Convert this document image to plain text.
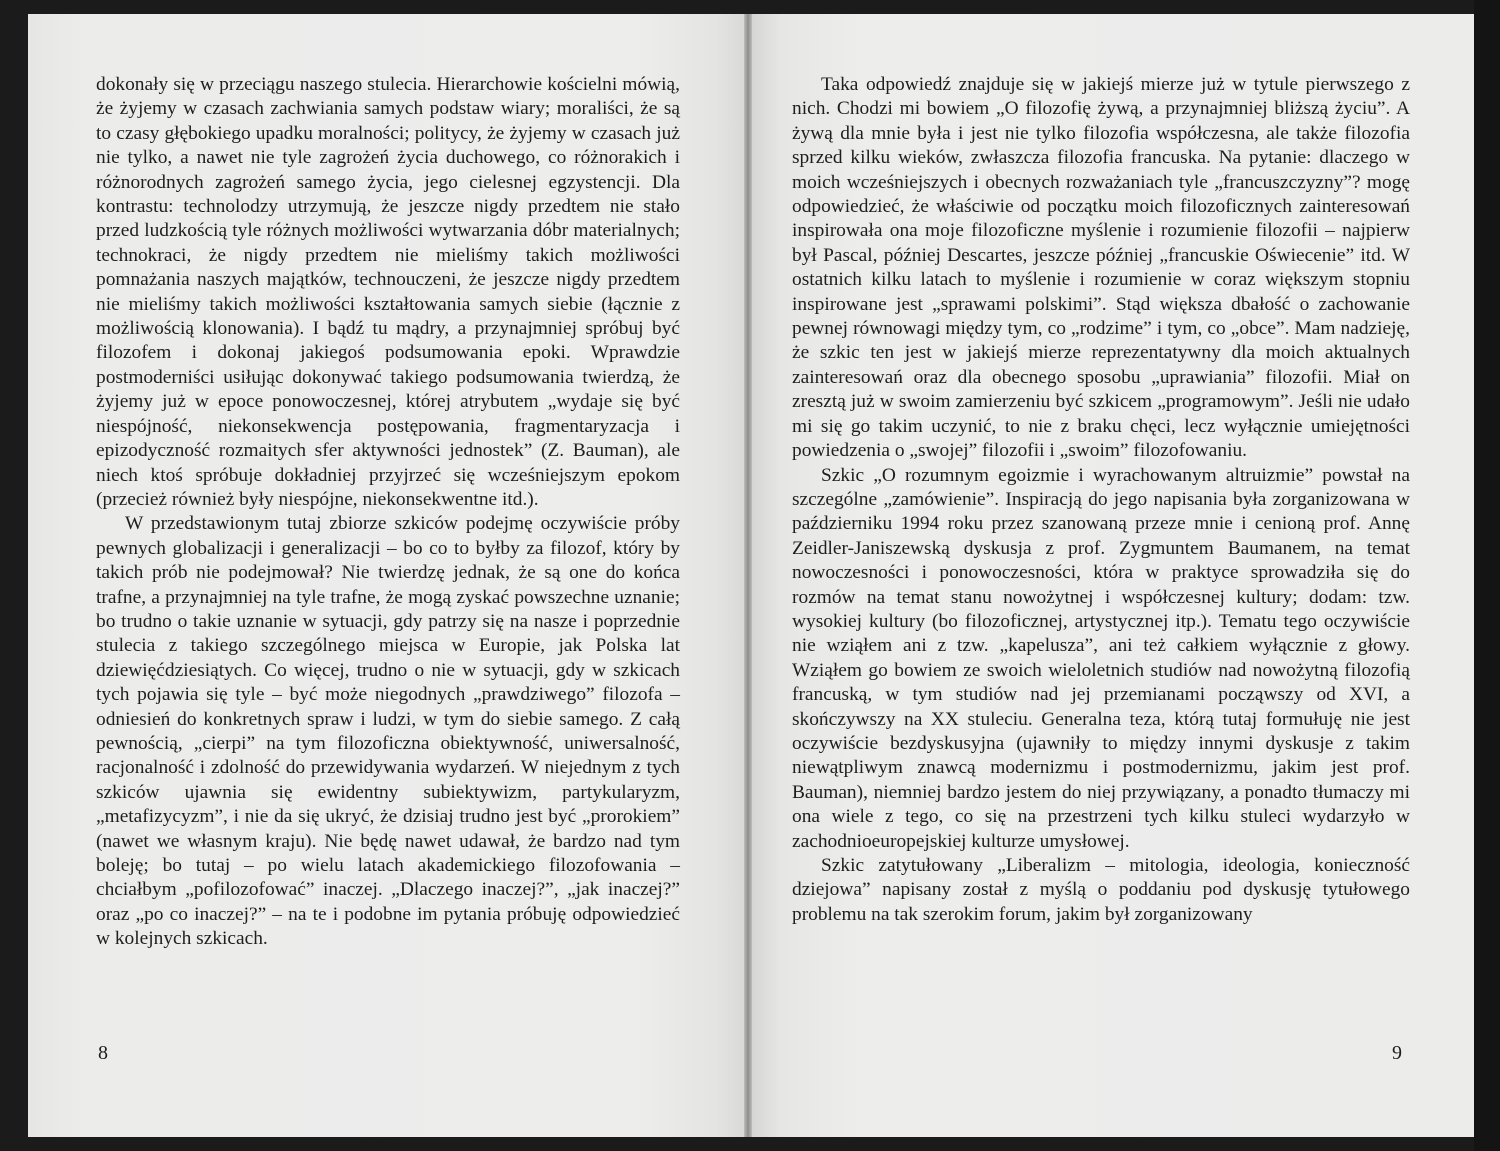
dokonały się w przeciągu naszego stulecia. Hierarchowie kościelni mówią, że żyjemy w czasach zachwiania samych podstaw wiary; moraliści, że są to czasy głębokiego upadku moralności; politycy, że żyjemy w czasach już nie tylko, a nawet nie tyle zagrożeń życia duchowego, co różnorakich i różnorodnych zagrożeń samego życia, jego cielesnej egzystencji. Dla kontrastu: technolodzy utrzymują, że jeszcze nigdy przedtem nie stało przed ludzkością tyle różnych możliwości wytwarzania dóbr materialnych; technokraci, że nigdy przedtem nie mieliśmy takich możliwości pomnażania naszych majątków, technouczeni, że jeszcze nigdy przedtem nie mieliśmy takich możliwości kształtowania samych siebie (łącznie z możliwością klonowania). I bądź tu mądry, a przynajmniej spróbuj być filozofem i dokonaj jakiegoś podsumowania epoki. Wprawdzie postmoderniści usiłując dokonywać takiego podsumowania twierdzą, że żyjemy już w epoce ponowoczesnej, której atrybutem „wydaje się być niespójność, niekonsekwencja postępowania, fragmentaryzacja i epizodyczność rozmaitych sfer aktywności jednostek” (Z. Bauman), ale niech ktoś spróbuje dokładniej przyjrzeć się wcześniejszym epokom (przecież również były niespójne, niekonsekwentne itd.).

W przedstawionym tutaj zbiorze szkiców podejmę oczywiście próby pewnych globalizacji i generalizacji – bo co to byłby za filozof, który by takich prób nie podejmował? Nie twierdzę jednak, że są one do końca trafne, a przynajmniej na tyle trafne, że mogą zyskać powszechne uznanie; bo trudno o takie uznanie w sytuacji, gdy patrzy się na nasze i poprzednie stulecia z takiego szczególnego miejsca w Europie, jak Polska lat dziewięćdziesiątych. Co więcej, trudno o nie w sytuacji, gdy w szkicach tych pojawia się tyle – być może niegodnych „prawdziwego” filozofa – odniesień do konkretnych spraw i ludzi, w tym do siebie samego. Z całą pewnością, „cierpi” na tym filozoficzna obiektywność, uniwersalność, racjonalność i zdolność do przewidywania wydarzeń. W niejednym z tych szkiców ujawnia się ewidentny subiektywizm, partykularyzm, „metafizycyzm”, i nie da się ukryć, że dzisiaj trudno jest być „prorokiem” (nawet we własnym kraju). Nie będę nawet udawał, że bardzo nad tym boleję; bo tutaj – po wielu latach akademickiego filozofowania – chciałbym „pofilozofować” inaczej. „Dlaczego inaczej?”, „jak inaczej?” oraz „po co inaczej?” – na te i podobne im pytania próbuję odpowiedzieć w kolejnych szkicach.

8

Taka odpowiedź znajduje się w jakiejś mierze już w tytule pierwszego z nich. Chodzi mi bowiem „O filozofię żywą, a przynajmniej bliższą życiu”. A żywą dla mnie była i jest nie tylko filozofia współczesna, ale także filozofia sprzed kilku wieków, zwłaszcza filozofia francuska. Na pytanie: dlaczego w moich wcześniejszych i obecnych rozważaniach tyle „francuszczyzny”? mogę odpowiedzieć, że właściwie od początku moich filozoficznych zainteresowań inspirowała ona moje filozoficzne myślenie i rozumienie filozofii – najpierw był Pascal, później Descartes, jeszcze później „francuskie Oświecenie” itd. W ostatnich kilku latach to myślenie i rozumienie w coraz większym stopniu inspirowane jest „sprawami polskimi”. Stąd większa dbałość o zachowanie pewnej równowagi między tym, co „rodzime” i tym, co „obce”. Mam nadzieję, że szkic ten jest w jakiejś mierze reprezentatywny dla moich aktualnych zainteresowań oraz dla obecnego sposobu „uprawiania” filozofii. Miał on zresztą już w swoim zamierzeniu być szkicem „programowym”. Jeśli nie udało mi się go takim uczynić, to nie z braku chęci, lecz wyłącznie umiejętności powiedzenia o „swojej” filozofii i „swoim” filozofowaniu.

Szkic „O rozumnym egoizmie i wyrachowanym altruizmie” powstał na szczególne „zamówienie”. Inspiracją do jego napisania była zorganizowana w październiku 1994 roku przez szanowaną przeze mnie i cenioną prof. Annę Zeidler-Janiszewską dyskusja z prof. Zygmuntem Baumanem, na temat nowoczesności i ponowoczesności, która w praktyce sprowadziła się do rozmów na temat stanu nowożytnej i współczesnej kultury; dodam: tzw. wysokiej kultury (bo filozoficznej, artystycznej itp.). Tematu tego oczywiście nie wziąłem ani z tzw. „kapelusza”, ani też całkiem wyłącznie z głowy. Wziąłem go bowiem ze swoich wieloletnich studiów nad nowożytną filozofią francuską, w tym studiów nad jej przemianami począwszy od XVI, a skończywszy na XX stuleciu. Generalna teza, którą tutaj formułuję nie jest oczywiście bezdyskusyjna (ujawniły to między innymi dyskusje z takim niewątpliwym znawcą modernizmu i postmodernizmu, jakim jest prof. Bauman), niemniej bardzo jestem do niej przywiązany, a ponadto tłumaczy mi ona wiele z tego, co się na przestrzeni tych kilku stuleci wydarzyło w zachodnioeuropejskiej kulturze umysłowej.

Szkic zatytułowany „Liberalizm – mitologia, ideologia, konieczność dziejowa” napisany został z myślą o poddaniu pod dyskusję tytułowego problemu na tak szerokim forum, jakim był zorganizowany

9
